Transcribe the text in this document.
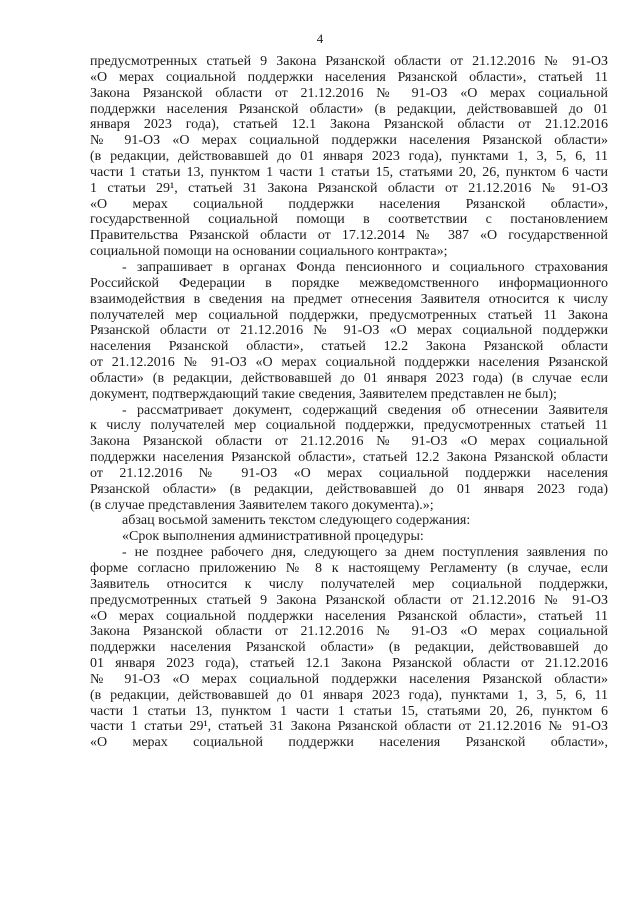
4
предусмотренных статьей 9 Закона Рязанской области от 21.12.2016 № 91-ОЗ
«О мерах социальной поддержки населения Рязанской области», статьей 11
Закона Рязанской области от 21.12.2016 № 91-ОЗ «О мерах социальной
поддержки населения Рязанской области» (в редакции, действовавшей до 01
января 2023 года), статьей 12.1 Закона Рязанской области от 21.12.2016
№ 91-ОЗ «О мерах социальной поддержки населения Рязанской области»
(в редакции, действовавшей до 01 января 2023 года), пунктами 1, 3, 5, 6, 11
части 1 статьи 13, пунктом 1 части 1 статьи 15, статьями 20, 26, пунктом 6 части
1 статьи 29¹, статьей 31 Закона Рязанской области от 21.12.2016 № 91-ОЗ
«О мерах социальной поддержки населения Рязанской области»,
государственной социальной помощи в соответствии с постановлением
Правительства Рязанской области от 17.12.2014 № 387 «О государственной
социальной помощи на основании социального контракта»;
- запрашивает в органах Фонда пенсионного и социального страхования
Российской Федерации в порядке межведомственного информационного
взаимодействия в сведения на предмет отнесения Заявителя относится к числу
получателей мер социальной поддержки, предусмотренных статьей 11 Закона
Рязанской области от 21.12.2016 № 91-ОЗ «О мерах социальной поддержки
населения Рязанской области», статьей 12.2 Закона Рязанской области
от 21.12.2016 № 91-ОЗ «О мерах социальной поддержки населения Рязанской
области» (в редакции, действовавшей до 01 января 2023 года) (в случае если
документ, подтверждающий такие сведения, Заявителем представлен не был);
- рассматривает документ, содержащий сведения об отнесении Заявителя
к числу получателей мер социальной поддержки, предусмотренных статьей 11
Закона Рязанской области от 21.12.2016 № 91-ОЗ «О мерах социальной
поддержки населения Рязанской области», статьей 12.2 Закона Рязанской области
от 21.12.2016 № 91-ОЗ «О мерах социальной поддержки населения
Рязанской области» (в редакции, действовавшей до 01 января 2023 года)
(в случае представления Заявителем такого документа).»;
абзац восьмой заменить текстом следующего содержания:
«Срок выполнения административной процедуры:
- не позднее рабочего дня, следующего за днем поступления заявления по
форме согласно приложению № 8 к настоящему Регламенту (в случае, если
Заявитель относится к числу получателей мер социальной поддержки,
предусмотренных статьей 9 Закона Рязанской области от 21.12.2016 № 91-ОЗ
«О мерах социальной поддержки населения Рязанской области», статьей 11
Закона Рязанской области от 21.12.2016 № 91-ОЗ «О мерах социальной
поддержки населения Рязанской области» (в редакции, действовавшей до
01 января 2023 года), статьей 12.1 Закона Рязанской области от 21.12.2016
№ 91-ОЗ «О мерах социальной поддержки населения Рязанской области»
(в редакции, действовавшей до 01 января 2023 года), пунктами 1, 3, 5, 6, 11
части 1 статьи 13, пунктом 1 части 1 статьи 15, статьями 20, 26, пунктом 6
части 1 статьи 29¹, статьей 31 Закона Рязанской области от 21.12.2016 № 91-ОЗ
«О мерах социальной поддержки населения Рязанской области»,
